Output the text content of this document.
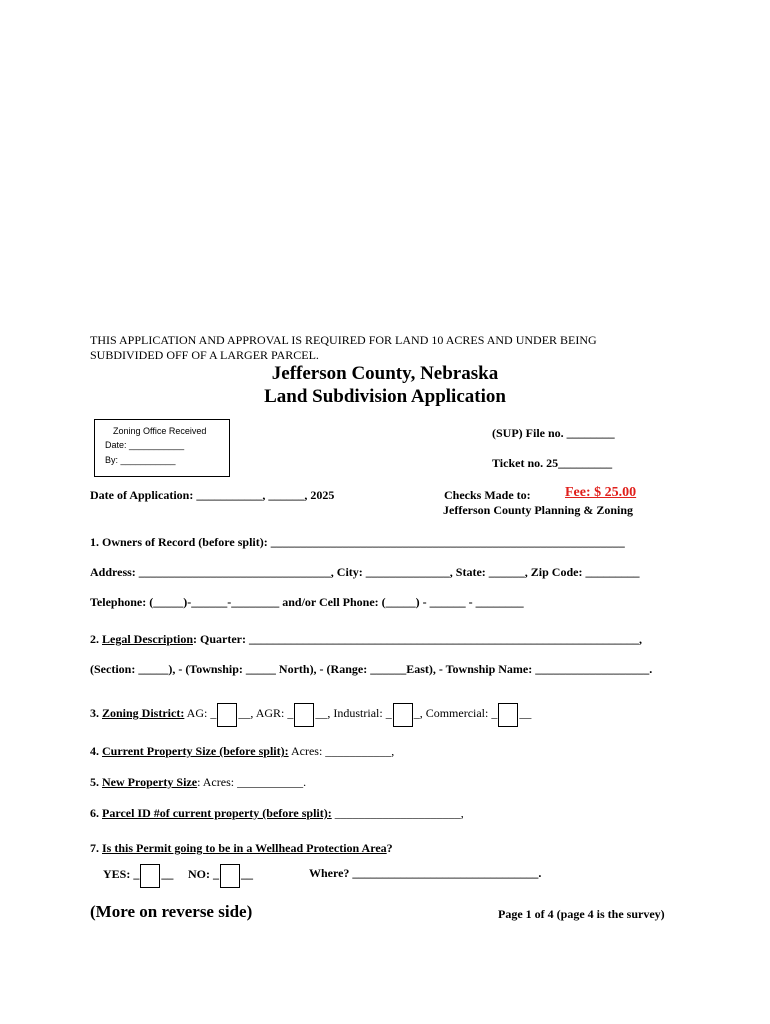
THIS APPLICATION AND APPROVAL IS REQUIRED FOR LAND 10 ACRES AND UNDER BEING SUBDIVIDED OFF OF A LARGER PARCEL.
Jefferson County, Nebraska
Land Subdivision Application
Zoning Office Received
Date: ___________
By: ___________
(SUP) File no. ________
Ticket no. 25_________
Date of Application: ___________, ______, 2025	Checks Made to: Fee: $ 25.00
Jefferson County Planning & Zoning
1. Owners of Record (before split): ___________________________________________________________
Address: ________________________________, City: ______________, State: ______, Zip Code: _________
Telephone: (_____)-______-________ and/or Cell Phone: (_____) - ______ - ________
2. Legal Description: Quarter: _________________________________________________________________,
(Section: _____), - (Township: _____ North), - (Range: ______East), - Township Name: ___________________.
3. Zoning District: AG: _ __, AGR: _ __, Industrial: _ _, Commercial: _ __
4. Current Property Size (before split): Acres: ___________,
5. New Property Size: Acres: ___________.
6. Parcel ID #of current property (before split): _____________________,
7. Is this Permit going to be in a Wellhead Protection Area?
YES: _ __ NO: _ __	Where? _______________________________.
(More on reverse side)	Page 1 of 4 (page 4 is the survey)
